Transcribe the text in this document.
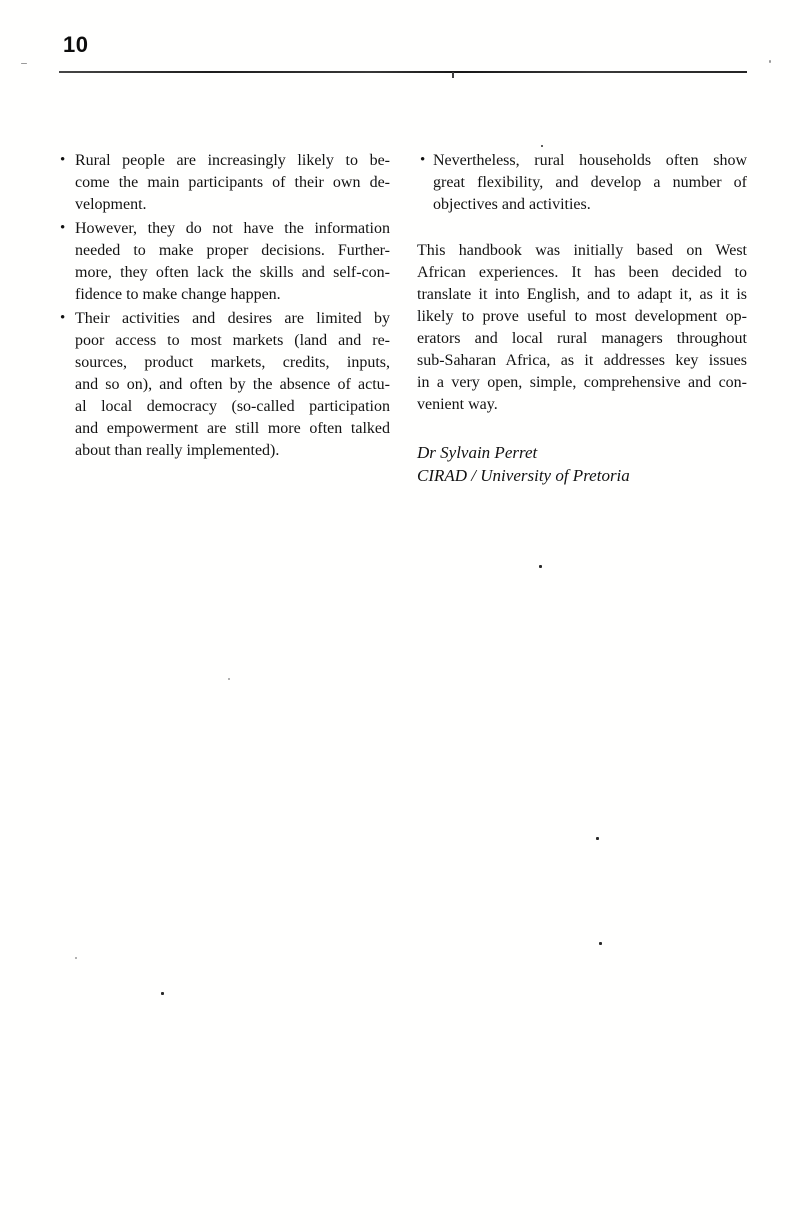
10
• Rural people are increasingly likely to be-
come the main participants of their own de-
velopment.
• However, they do not have the information
needed to make proper decisions. Further-
more, they often lack the skills and self-con-
fidence to make change happen.
• Their activities and desires are limited by
poor access to most markets (land and re-
sources, product markets, credits, inputs,
and so on), and often by the absence of actu-
al local democracy (so-called participation
and empowerment are still more often talked
about than really implemented).
• Nevertheless, rural households often show
great flexibility, and develop a number of
objectives and activities.
This handbook was initially based on West
African experiences. It has been decided to
translate it into English, and to adapt it, as it is
likely to prove useful to most development op-
erators and local rural managers throughout
sub-Saharan Africa, as it addresses key issues
in a very open, simple, comprehensive and con-
venient way.
Dr Sylvain Perret
CIRAD / University of Pretoria
